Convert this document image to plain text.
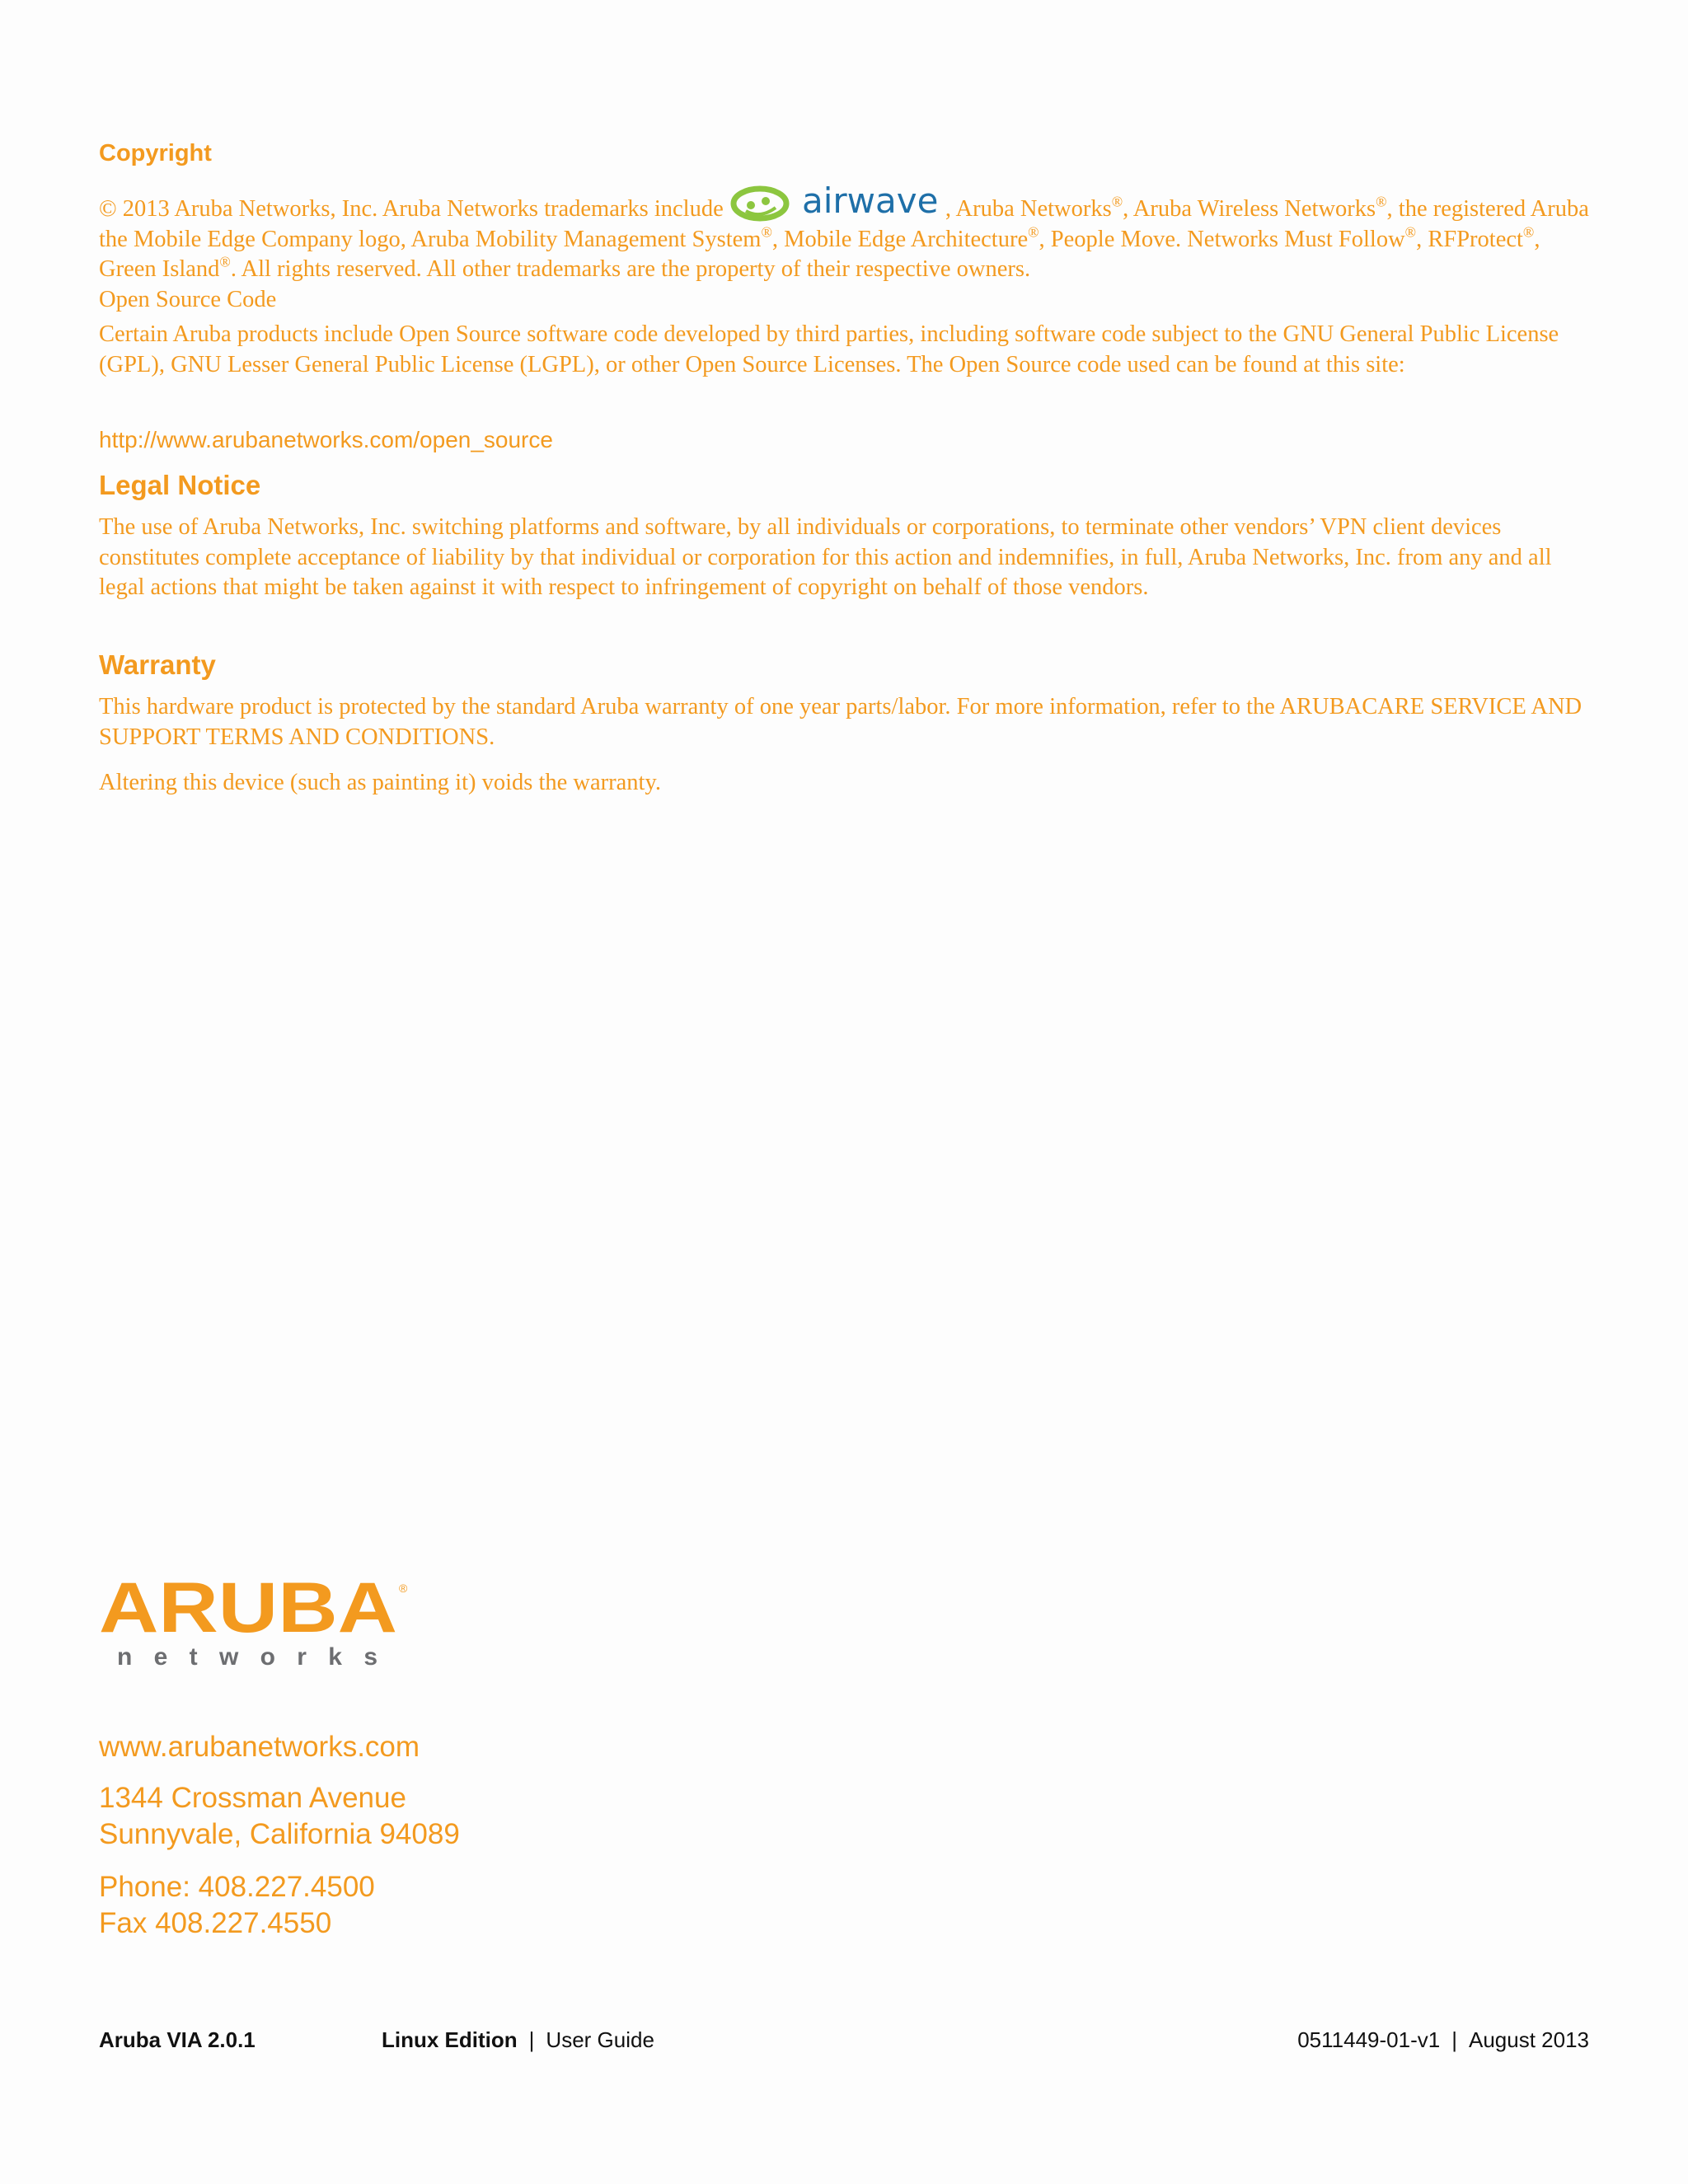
Copyright

© 2013 Aruba Networks, Inc. Aruba Networks trademarks include airwave , Aruba Networks®, Aruba Wireless Networks®, the registered Aruba the Mobile Edge Company logo, Aruba Mobility Management System®, Mobile Edge Architecture®, People Move. Networks Must Follow®, RFProtect®, Green Island®. All rights reserved. All other trademarks are the property of their respective owners.
Open Source Code

Certain Aruba products include Open Source software code developed by third parties, including software code subject to the GNU General Public License (GPL), GNU Lesser General Public License (LGPL), or other Open Source Licenses. The Open Source code used can be found at this site:

http://www.arubanetworks.com/open_source

Legal Notice

The use of Aruba Networks, Inc. switching platforms and software, by all individuals or corporations, to terminate other vendors’ VPN client devices constitutes complete acceptance of liability by that individual or corporation for this action and indemnifies, in full, Aruba Networks, Inc. from any and all legal actions that might be taken against it with respect to infringement of copyright on behalf of those vendors.

Warranty

This hardware product is protected by the standard Aruba warranty of one year parts/labor. For more information, refer to the ARUBACARE SERVICE AND SUPPORT TERMS AND CONDITIONS.

Altering this device (such as painting it) voids the warranty.

ARUBA ®
n e t w o r k s

www.arubanetworks.com

1344 Crossman Avenue

Sunnyvale, California 94089

Phone: 408.227.4500

Fax 408.227.4550

Aruba VIA 2.0.1	Linux Edition | User Guide	0511449-01-v1 | August 2013
